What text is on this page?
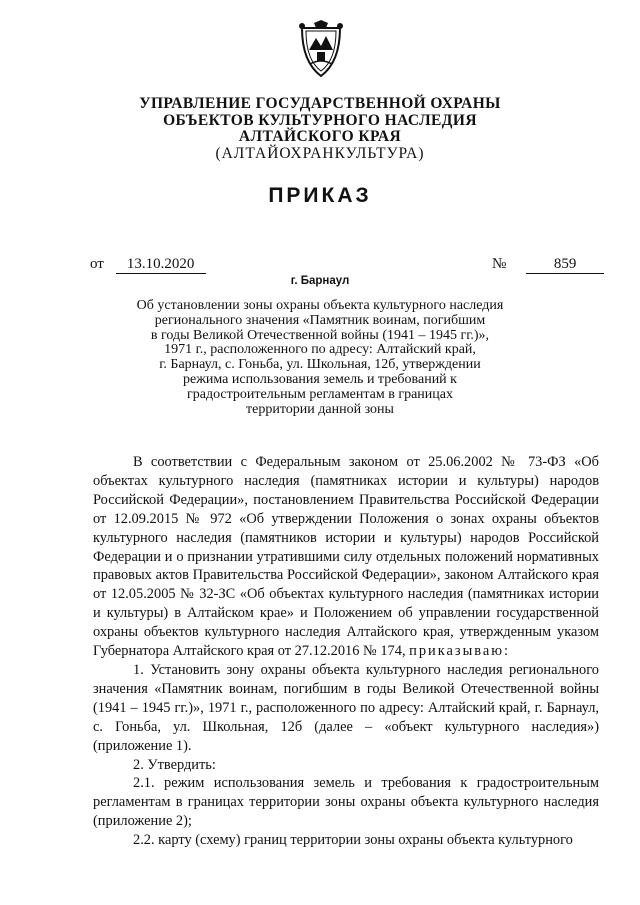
УПРАВЛЕНИЕ ГОСУДАРСТВЕННОЙ ОХРАНЫ
ОБЪЕКТОВ КУЛЬТУРНОГО НАСЛЕДИЯ
АЛТАЙСКОГО КРАЯ
(АЛТАЙОХРАНКУЛЬТУРА)
ПРИКАЗ
от 13.10.2020	№	859
г. Барнаул
Об установлении зоны охраны объекта культурного наследия
регионального значения «Памятник воинам, погибшим
в годы Великой Отечественной войны (1941 – 1945 гг.)»,
1971 г., расположенного по адресу: Алтайский край,
г. Барнаул, с. Гоньба, ул. Школьная, 12б, утверждении
режима использования земель и требований к
градостроительным регламентам в границах
территории данной зоны

В соответствии с Федеральным законом от 25.06.2002 № 73-ФЗ «Об объектах культурного наследия (памятниках истории и культуры) народов Российской Федерации», постановлением Правительства Российской Федерации от 12.09.2015 № 972 «Об утверждении Положения о зонах охраны объектов культурного наследия (памятников истории и культуры) народов Российской Федерации и о признании утратившими силу отдельных положений нормативных правовых актов Правительства Российской Федерации», законом Алтайского края от 12.05.2005 № 32-ЗС «Об объектах культурного наследия (памятниках истории и культуры) в Алтайском крае» и Положением об управлении государственной охраны объектов культурного наследия Алтайского края, утвержденным указом Губернатора Алтайского края от 27.12.2016 № 174, приказываю:

1. Установить зону охраны объекта культурного наследия регионального значения «Памятник воинам, погибшим в годы Великой Отечественной войны (1941 – 1945 гг.)», 1971 г., расположенного по адресу: Алтайский край, г. Барнаул, с. Гоньба, ул. Школьная, 12б (далее – «объект культурного наследия») (приложение 1).

2. Утвердить:

2.1. режим использования земель и требования к градостроительным регламентам в границах территории зоны охраны объекта культурного наследия (приложение 2);

2.2. карту (схему) границ территории зоны охраны объекта культурного
